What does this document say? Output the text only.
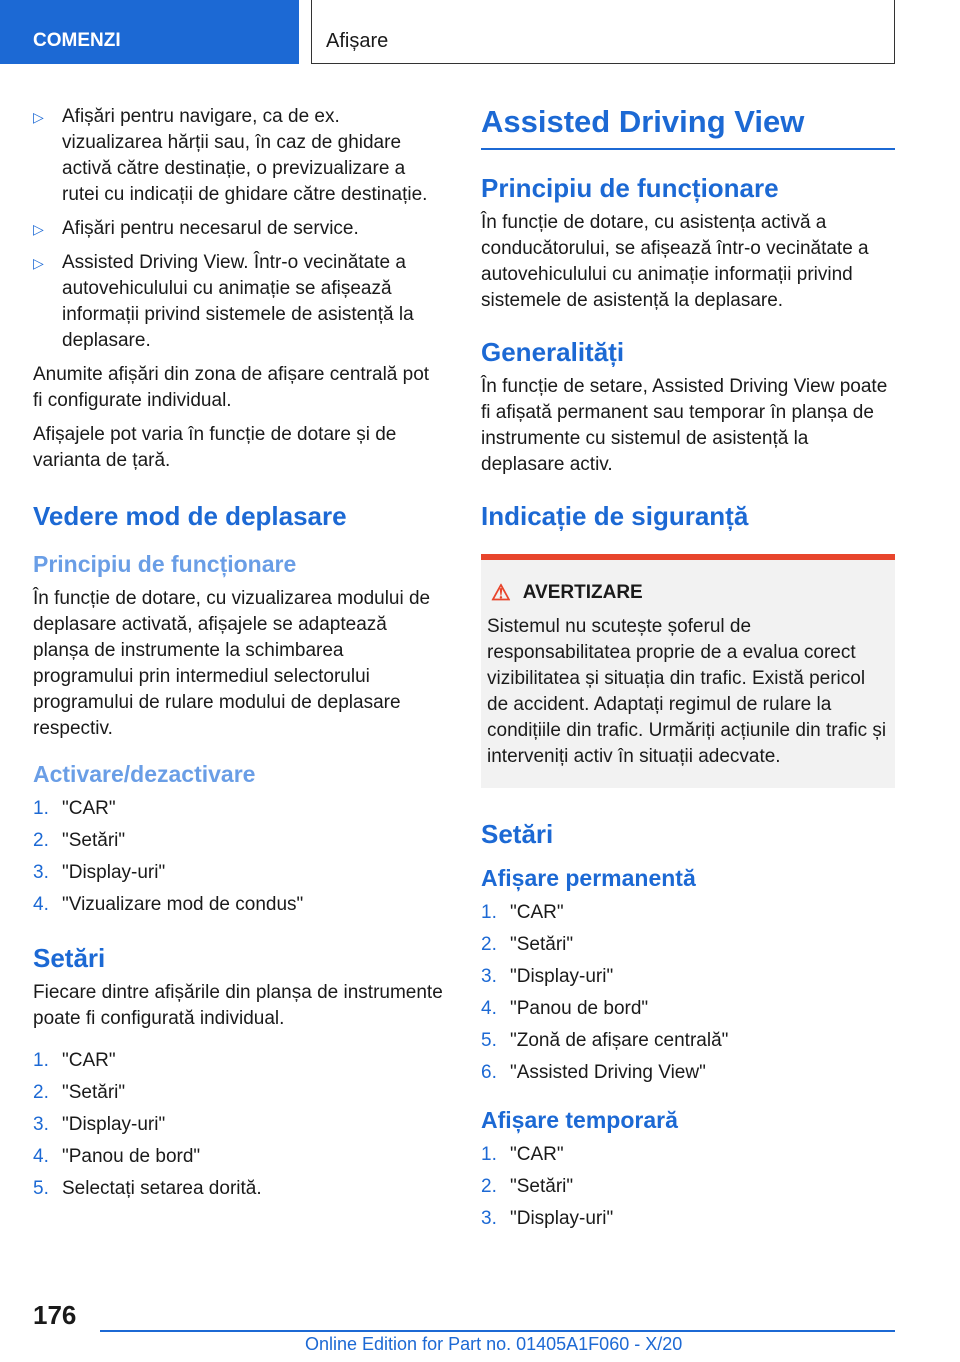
COMENZI	Afișare
▷ Afișări pentru navigare, ca de ex. vizualizarea hărții sau, în caz de ghidare activă către destinație, o previzualizare a rutei cu indicații de ghidare către destinație.
▷ Afișări pentru necesarul de service.
▷ Assisted Driving View. Într-o vecinătate a autovehiculului cu animație se afișează informații privind sistemele de asistență la deplasare.

Anumite afișări din zona de afișare centrală pot fi configurate individual.

Afișajele pot varia în funcție de dotare și de varianta de țară.

Vedere mod de deplasare
Principiu de funcționare

În funcție de dotare, cu vizualizarea modului de deplasare activată, afișajele se adaptează planșa de instrumente la schimbarea programului prin intermediul selectorului programului de rulare modului de deplasare respectiv.

Activare/dezactivare
1. "CAR"
2. "Setări"
3. "Display-uri"
4. "Vizualizare mod de condus"
Setări

Fiecare dintre afișările din planșa de instrumente poate fi configurată individual.

1. "CAR"
2. "Setări"
3. "Display-uri"
4. "Panou de bord"
5. Selectați setarea dorită.
Assisted Driving View
Principiu de funcționare

În funcție de dotare, cu asistența activă a conducătorului, se afișează într-o vecinătate a autovehiculului cu animație informații privind sistemele de asistență la deplasare.

Generalități

În funcție de setare, Assisted Driving View poate fi afișată permanent sau temporar în planșa de instrumente cu sistemul de asistență la deplasare activ.

Indicație de siguranță
⚠ AVERTIZARE
Sistemul nu scutește șoferul de responsabilitatea proprie de a evalua corect vizibilitatea și situația din trafic. Există pericol de accident. Adaptați regimul de rulare la condițiile din trafic. Urmăriți acțiunile din trafic și interveniți activ în situații adecvate.
Setări
Afișare permanentă
1. "CAR"
2. "Setări"
3. "Display-uri"
4. "Panou de bord"
5. "Zonă de afișare centrală"
6. "Assisted Driving View"
Afișare temporară
1. "CAR"
2. "Setări"
3. "Display-uri"
176
Online Edition for Part no. 01405A1F060 - X/20
